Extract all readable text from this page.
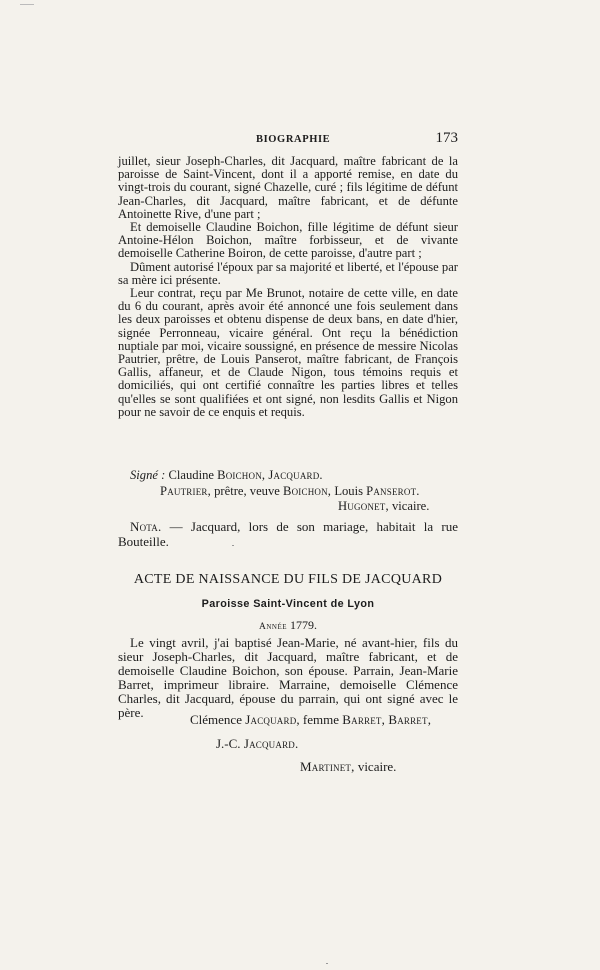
BIOGRAPHIE	173

juillet, sieur Joseph-Charles, dit Jacquard, maître fabricant de la paroisse de Saint-Vincent, dont il a apporté remise, en date du vingt-trois du courant, signé Chazelle, curé ; fils légitime de défunt Jean-Charles, dit Jacquard, maître fabricant, et de défunte Antoinette Rive, d'une part ;

Et demoiselle Claudine Boichon, fille légitime de défunt sieur Antoine-Hélon Boichon, maître forbisseur, et de vivante demoiselle Catherine Boiron, de cette paroisse, d'autre part ;

Dûment autorisé l'époux par sa majorité et liberté, et l'épouse par sa mère ici présente.

Leur contrat, reçu par Me Brunot, notaire de cette ville, en date du 6 du courant, après avoir été annoncé une fois seulement dans les deux paroisses et obtenu dispense de deux bans, en date d'hier, signée Perronneau, vicaire général. Ont reçu la bénédiction nuptiale par moi, vicaire soussigné, en présence de messire Nicolas Pautrier, prêtre, de Louis Panserot, maître fabricant, de François Gallis, affaneur, et de Claude Nigon, tous témoins requis et domiciliés, qui ont certifié connaître les parties libres et telles qu'elles se sont qualifiées et ont signé, non lesdits Gallis et Nigon pour ne savoir de ce enquis et requis.

Signé : Claudine Boichon, Jacquard.
Pautrier, prêtre, veuve Boichon, Louis Panserot.
Hugonet, vicaire.
Nota. — Jacquard, lors de son mariage, habitait la rue Bouteille.
ACTE DE NAISSANCE DU FILS DE JACQUARD
Paroisse Saint-Vincent de Lyon
Année 1779.

Le vingt avril, j'ai baptisé Jean-Marie, né avant-hier, fils du sieur Joseph-Charles, dit Jacquard, maître fabricant, et de demoiselle Claudine Boichon, son épouse. Parrain, Jean-Marie Barret, imprimeur libraire. Marraine, demoiselle Clémence Charles, dit Jacquard, épouse du parrain, qui ont signé avec le père.	Clémence Jacquard, femme Barret, Barret,
J.-C. Jacquard.
Martinet, vicaire.
